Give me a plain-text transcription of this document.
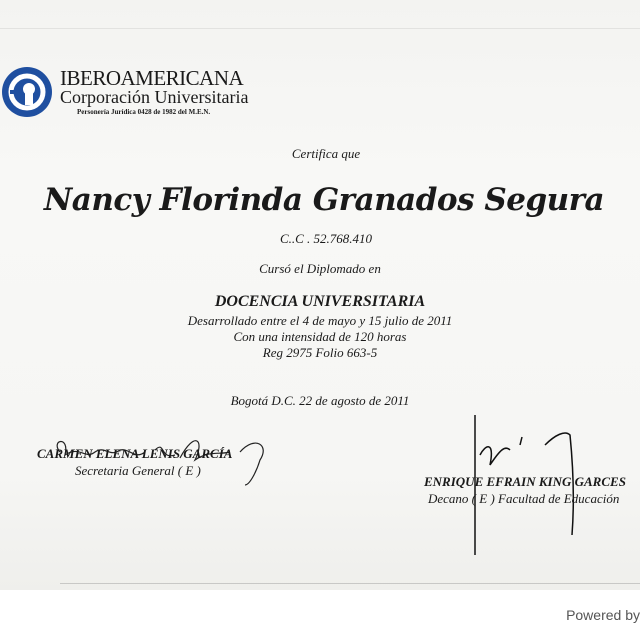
IBEROAMERICANA
Corporación Universitaria
Personería Jurídica 0428 de 1982 del M.E.N.
Certifica que
Nancy Florinda Granados Segura
C..C . 52.768.410
Cursó el Diplomado en
DOCENCIA UNIVERSITARIA
Desarrollado entre el 4 de mayo y 15 julio de 2011
Con una intensidad de 120 horas
Reg 2975 Folio 663-5
Bogotá D.C. 22 de agosto de 2011
CARMEN ELENA LENIS GARCÍA
Secretaria General ( E )
ENRIQUE EFRAIN KING GARCES
Decano ( E ) Facultad de Educación
Powered by
